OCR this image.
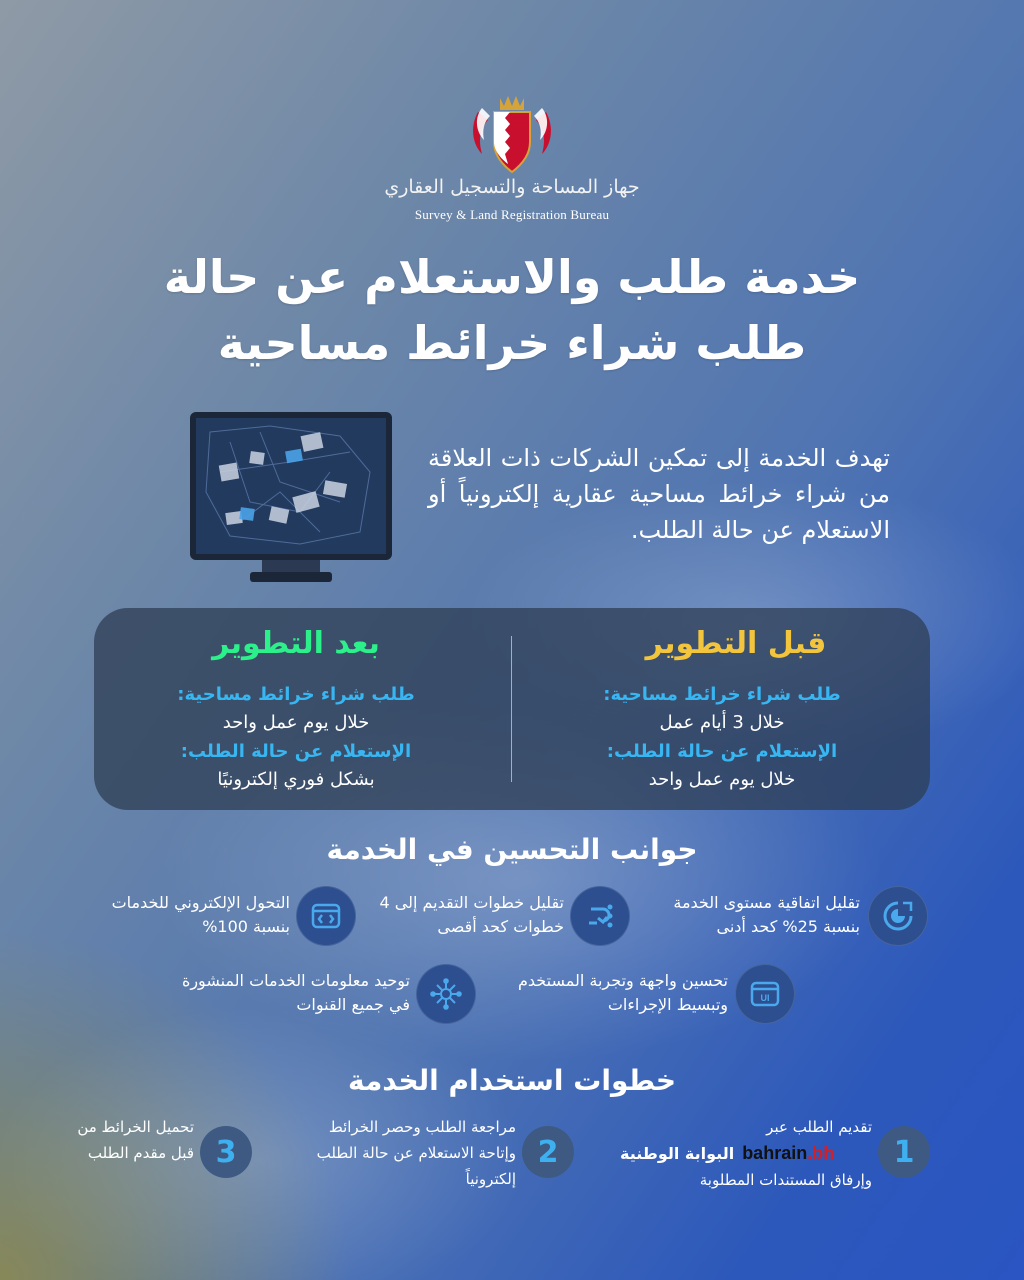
جهاز المساحة والتسجيل العقاري
Survey & Land Registration Bureau
خدمة طلب والاستعلام عن حالة
طلب شراء خرائط مساحية
تهدف الخدمة إلى تمكين الشركات ذات العلاقة من شراء خرائط مساحية عقارية إلكترونياً أو الاستعلام عن حالة الطلب.
قبل التطوير
طلب شراء خرائط مساحية:
خلال 3 أيام عمل
الإستعلام عن حالة الطلب:
خلال يوم عمل واحد
بعد التطوير
طلب شراء خرائط مساحية:
خلال يوم عمل واحد
الإستعلام عن حالة الطلب:
بشكل فوري إلكترونيًا
جوانب التحسين في الخدمة
تقليل اتفاقية مستوى الخدمة بنسبة 25% كحد أدنى
تقليل خطوات التقديم إلى 4 خطوات كحد أقصى
التحول الإلكتروني للخدمات بنسبة 100%
UI
تحسين واجهة وتجربة المستخدم وتبسيط الإجراءات
توحيد معلومات الخدمات المنشورة في جميع القنوات
خطوات استخدام الخدمة
1
تقديم الطلب عبر
البوابة الوطنية bahrain.bh
وإرفاق المستندات المطلوبة
2
مراجعة الطلب وحصر الخرائط وإتاحة الاستعلام عن حالة الطلب إلكترونياً
3
تحميل الخرائط من قبل مقدم الطلب
